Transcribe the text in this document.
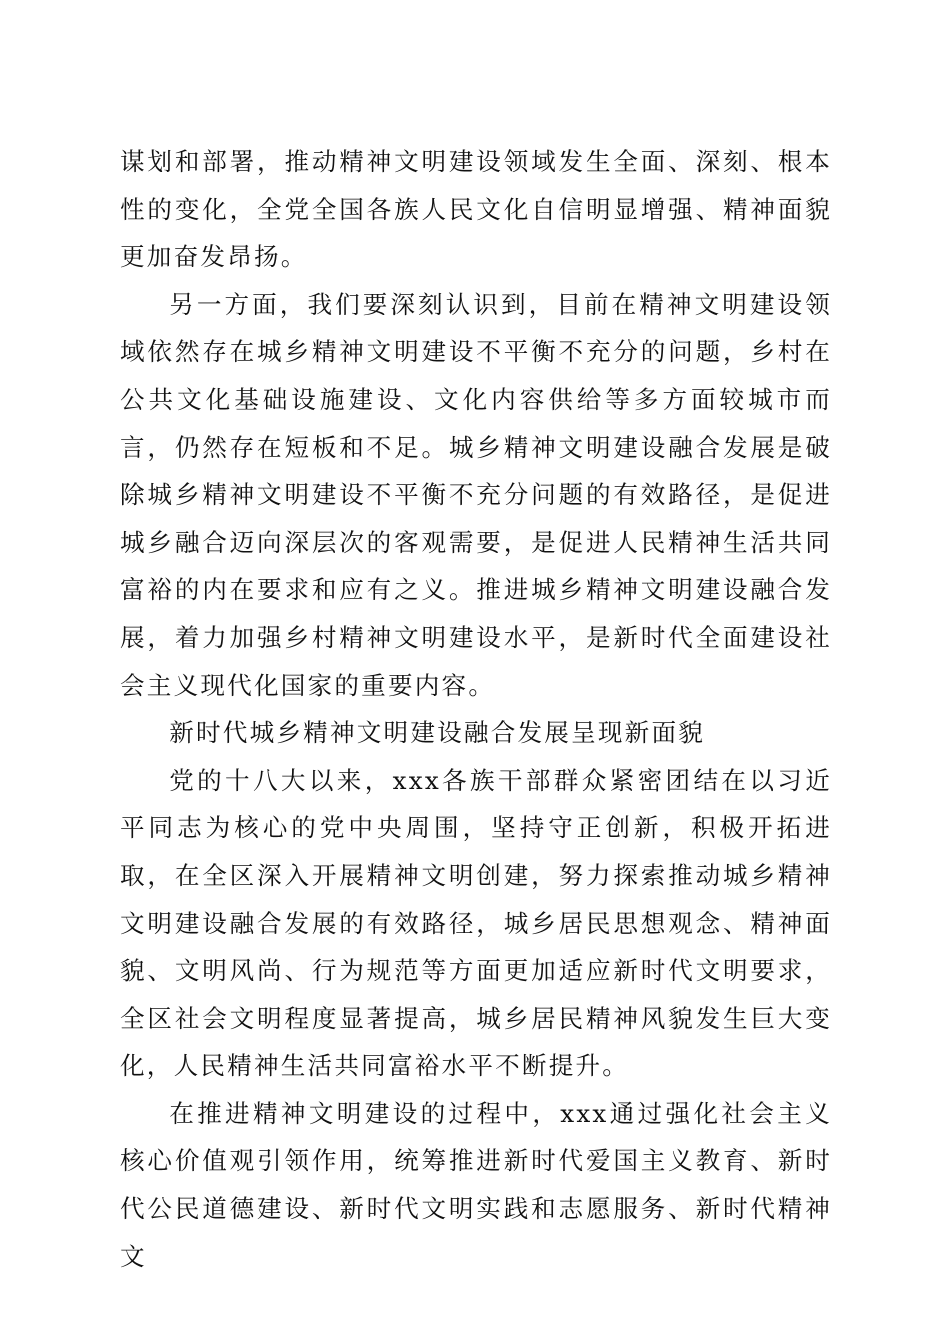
谋划和部署，推动精神文明建设领域发生全面、深刻、根本性的变化，全党全国各族人民文化自信明显增强、精神面貌更加奋发昂扬。

另一方面，我们要深刻认识到，目前在精神文明建设领域依然存在城乡精神文明建设不平衡不充分的问题，乡村在公共文化基础设施建设、文化内容供给等多方面较城市而言，仍然存在短板和不足。城乡精神文明建设融合发展是破除城乡精神文明建设不平衡不充分问题的有效路径，是促进城乡融合迈向深层次的客观需要，是促进人民精神生活共同富裕的内在要求和应有之义。推进城乡精神文明建设融合发展，着力加强乡村精神文明建设水平，是新时代全面建设社会主义现代化国家的重要内容。

新时代城乡精神文明建设融合发展呈现新面貌

党的十八大以来，xxx各族干部群众紧密团结在以习近平同志为核心的党中央周围，坚持守正创新，积极开拓进取，在全区深入开展精神文明创建，努力探索推动城乡精神文明建设融合发展的有效路径，城乡居民思想观念、精神面貌、文明风尚、行为规范等方面更加适应新时代文明要求，全区社会文明程度显著提高，城乡居民精神风貌发生巨大变化，人民精神生活共同富裕水平不断提升。

在推进精神文明建设的过程中，xxx通过强化社会主义核心价值观引领作用，统筹推进新时代爱国主义教育、新时代公民道德建设、新时代文明实践和志愿服务、新时代精神文
